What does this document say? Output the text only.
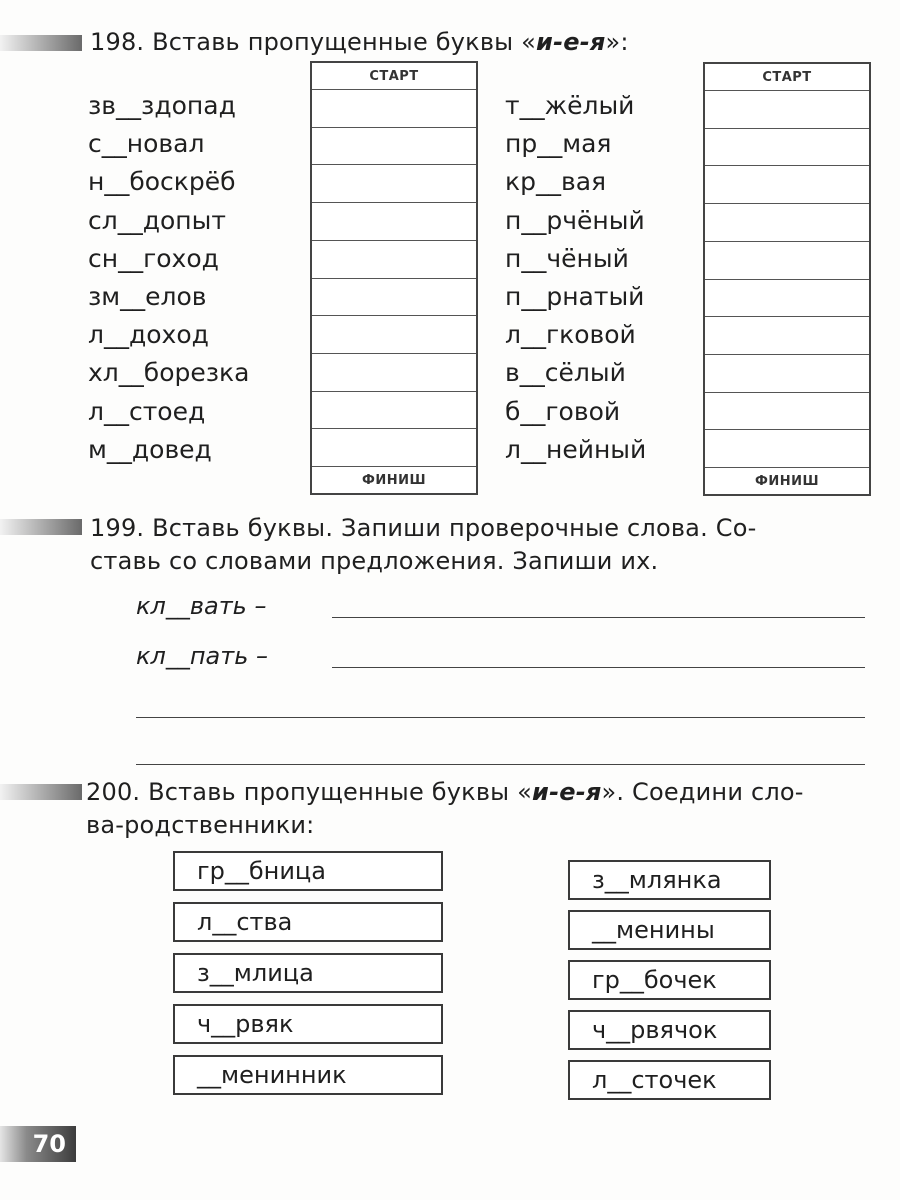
198. Вставь пропущенные буквы «и-е-я»:
зв__здопад
с__новал
н__боскрёб
сл__допыт
сн__гоход
зм__елов
л__доход
хл__борезка
л__стоед
м__довед
СТАРТ
ФИНИШ
т__жёлый
пр__мая
кр__вая
п__рчёный
п__чёный
п__рнатый
л__гковой
в__сёлый
б__говой
л__нейный
СТАРТ
ФИНИШ
199. Вставь буквы. Запиши проверочные слова. Со-
ставь со словами предложения. Запиши их.
кл__вать –
кл__пать –
200. Вставь пропущенные буквы «и-е-я». Соедини сло-
ва-родственники:
гр__бница
л__ства
з__млица
ч__рвяк
__менинник
з__млянка
__менины
гр__бочек
ч__рвячок
л__сточек
70
